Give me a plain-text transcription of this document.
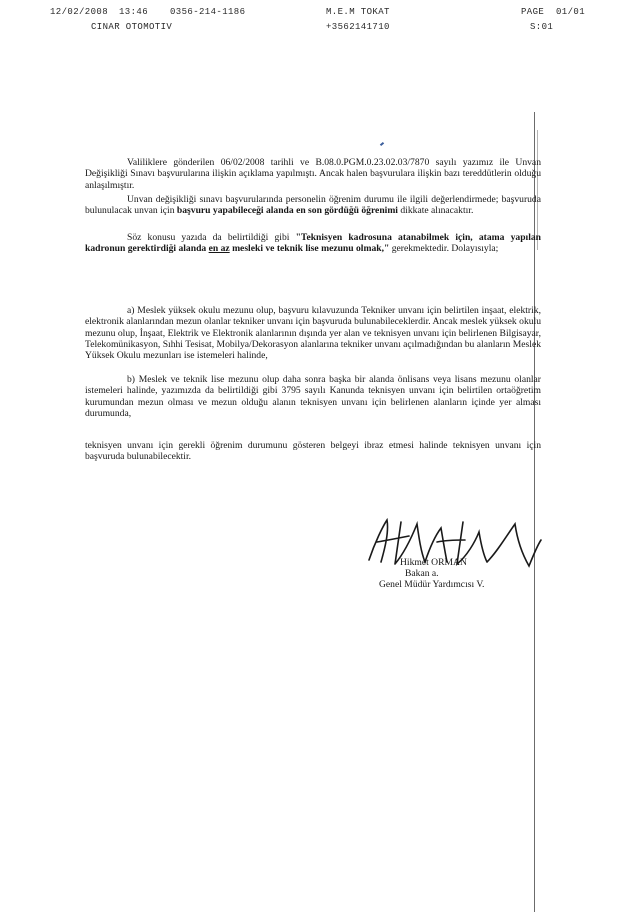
12/02/2008 13:46 0356-214-1186	M.E.M TOKAT	PAGE 01/01
CINAR OTOMOTIV	+3562141710	S:01

Valiliklere gönderilen 06/02/2008 tarihli ve B.08.0.PGM.0.23.02.03/7870 sayılı yazımız ile Unvan Değişikliği Sınavı başvurularına ilişkin açıklama yapılmıştı. Ancak halen başvurulara ilişkin bazı tereddütlerin olduğu anlaşılmıştır.

Unvan değişikliği sınavı başvurularında personelin öğrenim durumu ile ilgili değerlendirmede; başvuruda bulunulacak unvan için başvuru yapabileceği alanda en son gördüğü öğrenimi dikkate alınacaktır.

Söz konusu yazıda da belirtildiği gibi "Teknisyen kadrosuna atanabilmek için, atama yapılan kadronun gerektirdiği alanda en az mesleki ve teknik lise mezunu olmak," gerekmektedir. Dolayısıyla;

a) Meslek yüksek okulu mezunu olup, başvuru kılavuzunda Tekniker unvanı için belirtilen inşaat, elektrik, elektronik alanlarından mezun olanlar tekniker unvanı için başvuruda bulunabileceklerdir. Ancak meslek yüksek okulu mezunu olup, İnşaat, Elektrik ve Elektronik alanlarının dışında yer alan ve teknisyen unvanı için belirlenen Bilgisayar, Telekomünikasyon, Sıhhi Tesisat, Mobilya/Dekorasyon alanlarına tekniker unvanı açılmadığından bu alanların Meslek Yüksek Okulu mezunları ise istemeleri halinde,

b) Meslek ve teknik lise mezunu olup daha sonra başka bir alanda önlisans veya lisans mezunu olanlar istemeleri halinde, yazımızda da belirtildiği gibi 3795 sayılı Kanunda teknisyen unvanı için belirtilen ortaöğretim kurumundan mezun olması ve mezun olduğu alanın teknisyen unvanı için belirlenen alanların içinde yer alması durumunda,

teknisyen unvanı için gerekli öğrenim durumunu gösteren belgeyi ibraz etmesi halinde teknisyen unvanı için başvuruda bulunabilecektir.

Hikmet ORMAN
Bakan a.
Genel Müdür Yardımcısı V.
